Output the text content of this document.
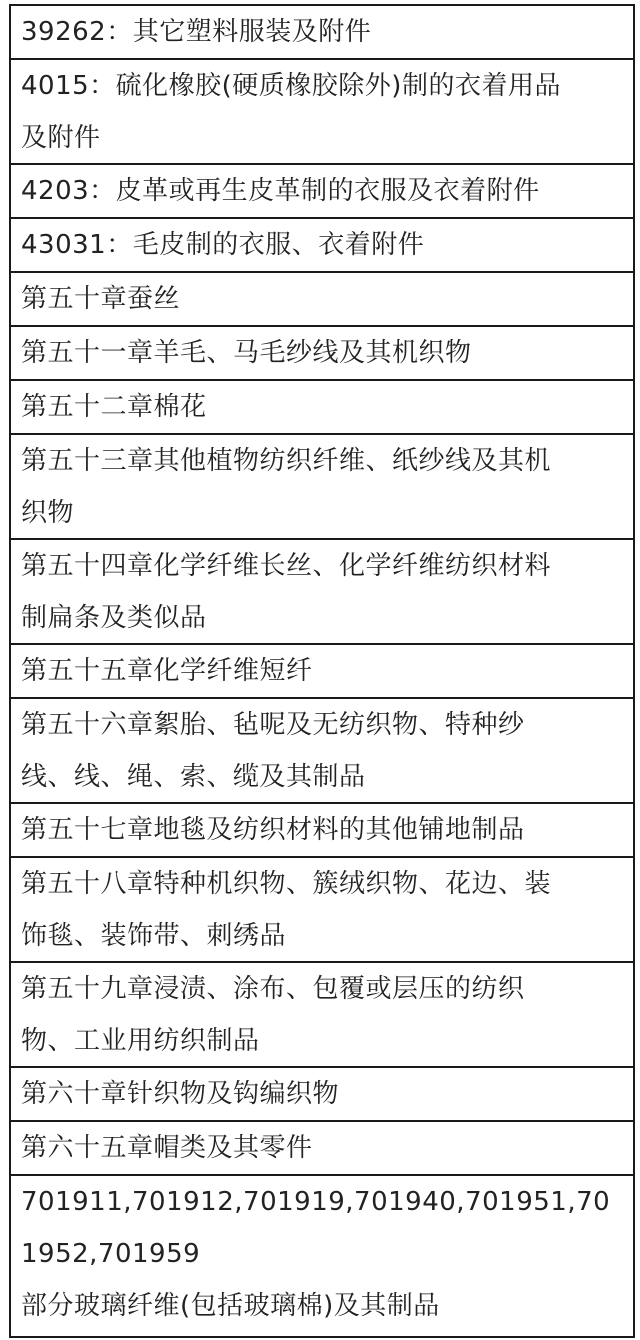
39262：其它塑料服装及附件
4015：硫化橡胶(硬质橡胶除外)制的衣着用品
及附件
4203：皮革或再生皮革制的衣服及衣着附件
43031：毛皮制的衣服、衣着附件
第五十章蚕丝
第五十一章羊毛、马毛纱线及其机织物
第五十二章棉花
第五十三章其他植物纺织纤维、纸纱线及其机
织物
第五十四章化学纤维长丝、化学纤维纺织材料
制扁条及类似品
第五十五章化学纤维短纤
第五十六章絮胎、毡呢及无纺织物、特种纱
线、线、绳、索、缆及其制品
第五十七章地毯及纺织材料的其他铺地制品
第五十八章特种机织物、簇绒织物、花边、装
饰毯、装饰带、刺绣品
第五十九章浸渍、涂布、包覆或层压的纺织
物、工业用纺织制品
第六十章针织物及钩编织物
第六十五章帽类及其零件
701911,701912,701919,701940,701951,70
1952,701959
部分玻璃纤维(包括玻璃棉)及其制品
